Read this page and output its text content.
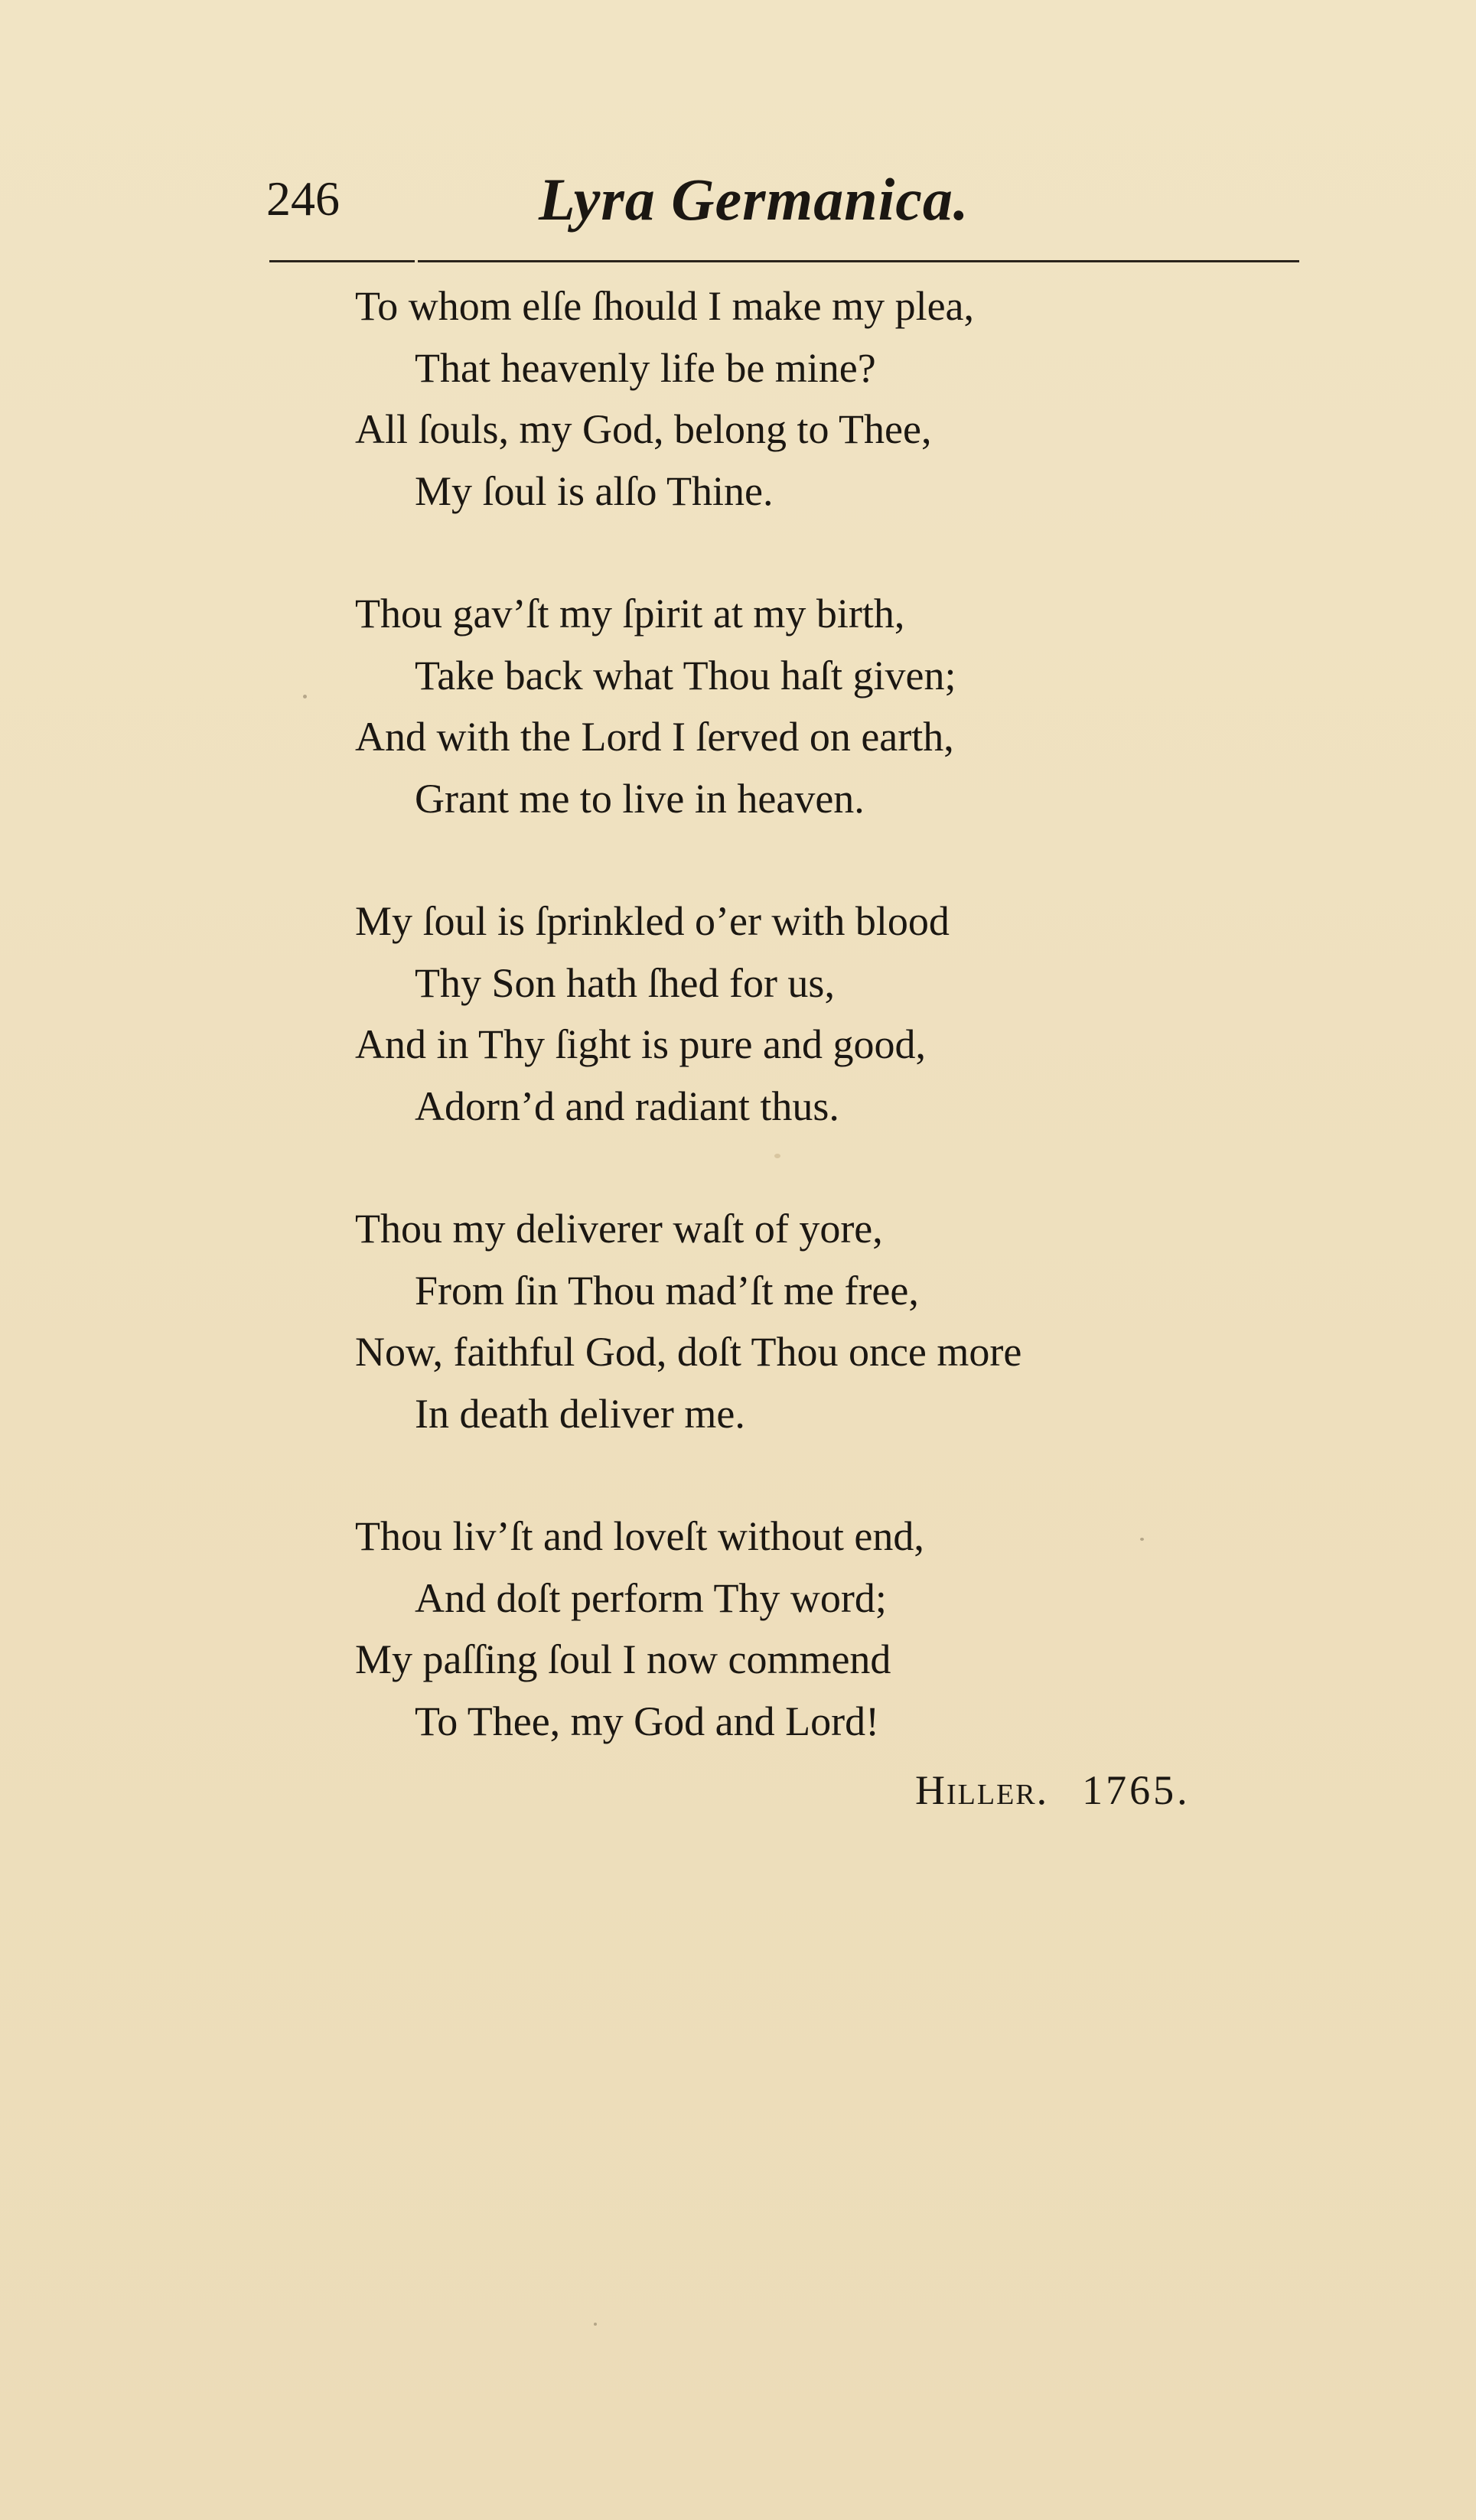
246	Lyra Germanica.
To whom elſe ſhould I make my plea,
That heavenly life be mine?
All ſouls, my God, belong to Thee,
My ſoul is alſo Thine.
Thou gav’ſt my ſpirit at my birth,
Take back what Thou haſt given;
And with the Lord I ſerved on earth,
Grant me to live in heaven.
My ſoul is ſprinkled o’er with blood
Thy Son hath ſhed for us,
And in Thy ſight is pure and good,
Adorn’d and radiant thus.
Thou my deliverer waſt of yore,
From ſin Thou mad’ſt me free,
Now, faithful God, doſt Thou once more
In death deliver me.
Thou liv’ſt and loveſt without end,
And doſt perform Thy word;
My paſſing ſoul I now commend
To Thee, my God and Lord!
Hiller. 1765.
